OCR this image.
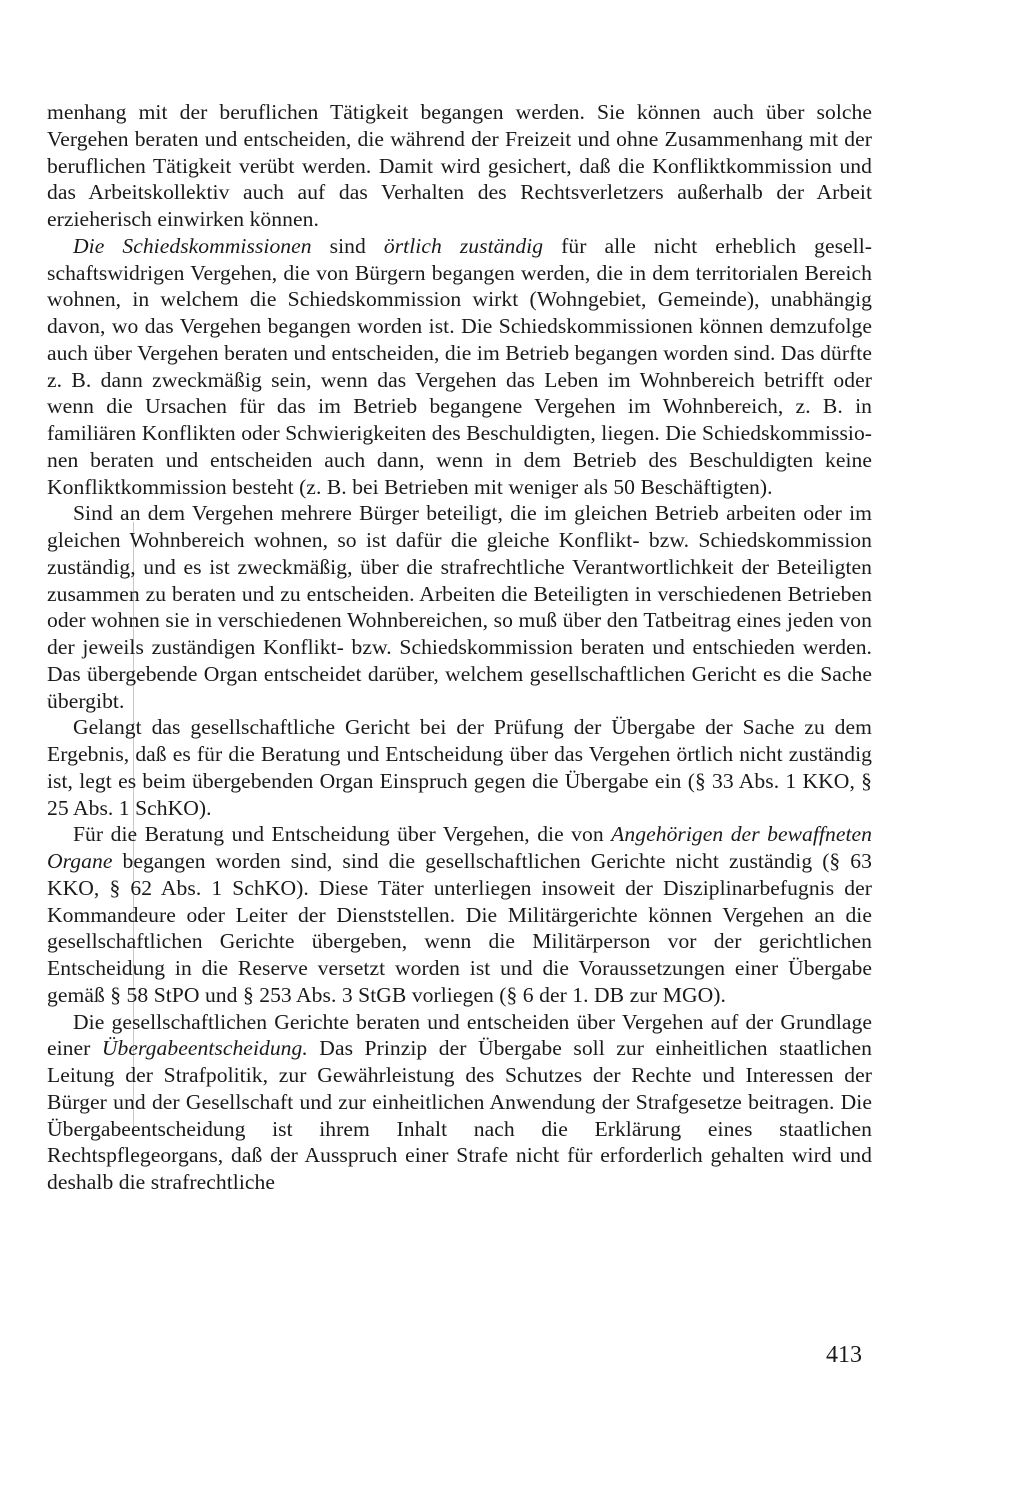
menhang mit der beruflichen Tätigkeit begangen werden. Sie können auch über solche Vergehen beraten und entscheiden, die während der Freizeit und ohne Zusammenhang mit der beruflichen Tätigkeit verübt werden. Damit wird gesichert, daß die Konfliktkommission und das Arbeitskollektiv auch auf das Verhalten des Rechtsverletzers außerhalb der Arbeit erzieherisch einwirken können.

Die Schiedskommissionen sind örtlich zuständig für alle nicht erheblich gesellschaftswidrigen Vergehen, die von Bürgern begangen werden, die in dem territorialen Bereich wohnen, in welchem die Schiedskommission wirkt (Wohngebiet, Gemeinde), unabhängig davon, wo das Vergehen begangen worden ist. Die Schiedskommissionen können demzufolge auch über Vergehen beraten und entscheiden, die im Betrieb begangen worden sind. Das dürfte z. B. dann zweckmäßig sein, wenn das Vergehen das Leben im Wohnbereich betrifft oder wenn die Ursachen für das im Betrieb begangene Vergehen im Wohnbereich, z. B. in familiären Konflikten oder Schwierigkeiten des Beschuldigten, liegen. Die Schiedskommissionen beraten und entscheiden auch dann, wenn in dem Betrieb des Beschuldigten keine Konfliktkommission besteht (z. B. bei Betrieben mit weniger als 50 Beschäftigten).

Sind an dem Vergehen mehrere Bürger beteiligt, die im gleichen Betrieb arbeiten oder im gleichen Wohnbereich wohnen, so ist dafür die gleiche Konflikt- bzw. Schiedskommission zuständig, und es ist zweckmäßig, über die strafrechtliche Verantwortlichkeit der Beteiligten zusammen zu beraten und zu entscheiden. Arbeiten die Beteiligten in verschiedenen Betrieben oder wohnen sie in verschiedenen Wohnbereichen, so muß über den Tatbeitrag eines jeden von der jeweils zuständigen Konflikt- bzw. Schiedskommission beraten und entschieden werden. Das übergebende Organ entscheidet darüber, welchem gesellschaftlichen Gericht es die Sache übergibt.

Gelangt das gesellschaftliche Gericht bei der Prüfung der Übergabe der Sache zu dem Ergebnis, daß es für die Beratung und Entscheidung über das Vergehen örtlich nicht zuständig ist, legt es beim übergebenden Organ Einspruch gegen die Übergabe ein (§ 33 Abs. 1 KKO, § 25 Abs. 1 SchKO).

Für die Beratung und Entscheidung über Vergehen, die von Angehörigen der bewaffneten Organe begangen worden sind, sind die gesellschaftlichen Gerichte nicht zuständig (§ 63 KKO, § 62 Abs. 1 SchKO). Diese Täter unterliegen insoweit der Disziplinarbefugnis der Kommandeure oder Leiter der Dienststellen. Die Militärgerichte können Vergehen an die gesellschaftlichen Gerichte übergeben, wenn die Militärperson vor der gerichtlichen Entscheidung in die Reserve versetzt worden ist und die Voraussetzungen einer Übergabe gemäß § 58 StPO und § 253 Abs. 3 StGB vorliegen (§ 6 der 1. DB zur MGO).

Die gesellschaftlichen Gerichte beraten und entscheiden über Vergehen auf der Grundlage einer Übergabeentscheidung. Das Prinzip der Übergabe soll zur einheitlichen staatlichen Leitung der Strafpolitik, zur Gewährleistung des Schutzes der Rechte und Interessen der Bürger und der Gesellschaft und zur einheitlichen Anwendung der Strafgesetze beitragen. Die Übergabeentscheidung ist ihrem Inhalt nach die Erklärung eines staatlichen Rechtspflegeorgans, daß der Ausspruch einer Strafe nicht für erforderlich gehalten wird und deshalb die strafrechtliche

413
